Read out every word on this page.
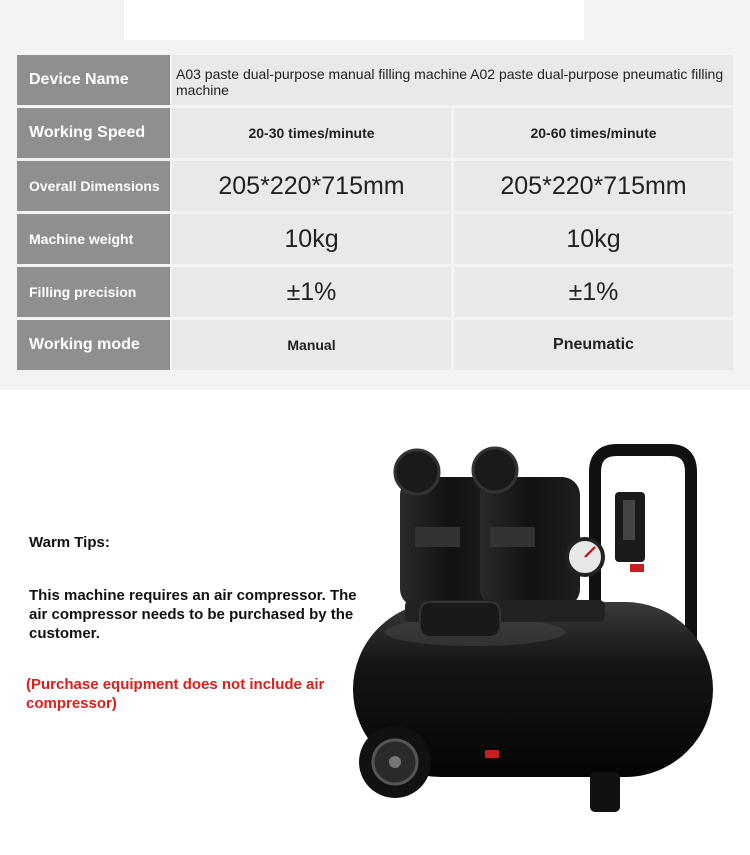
Device Name	A03 paste dual-purpose manual filling machine A02 paste dual-purpose pneumatic filling machine
Working Speed	20-30 times/minute	20-60 times/minute
Overall Dimensions	205*220*715mm	205*220*715mm
Machine weight	10kg	10kg
Filling precision	±1%	±1%
Working mode	Manual	Pneumatic
Warm Tips:
This machine requires an air compressor. The air compressor needs to be purchased by the customer.
(Purchase equipment does not include air compressor)
